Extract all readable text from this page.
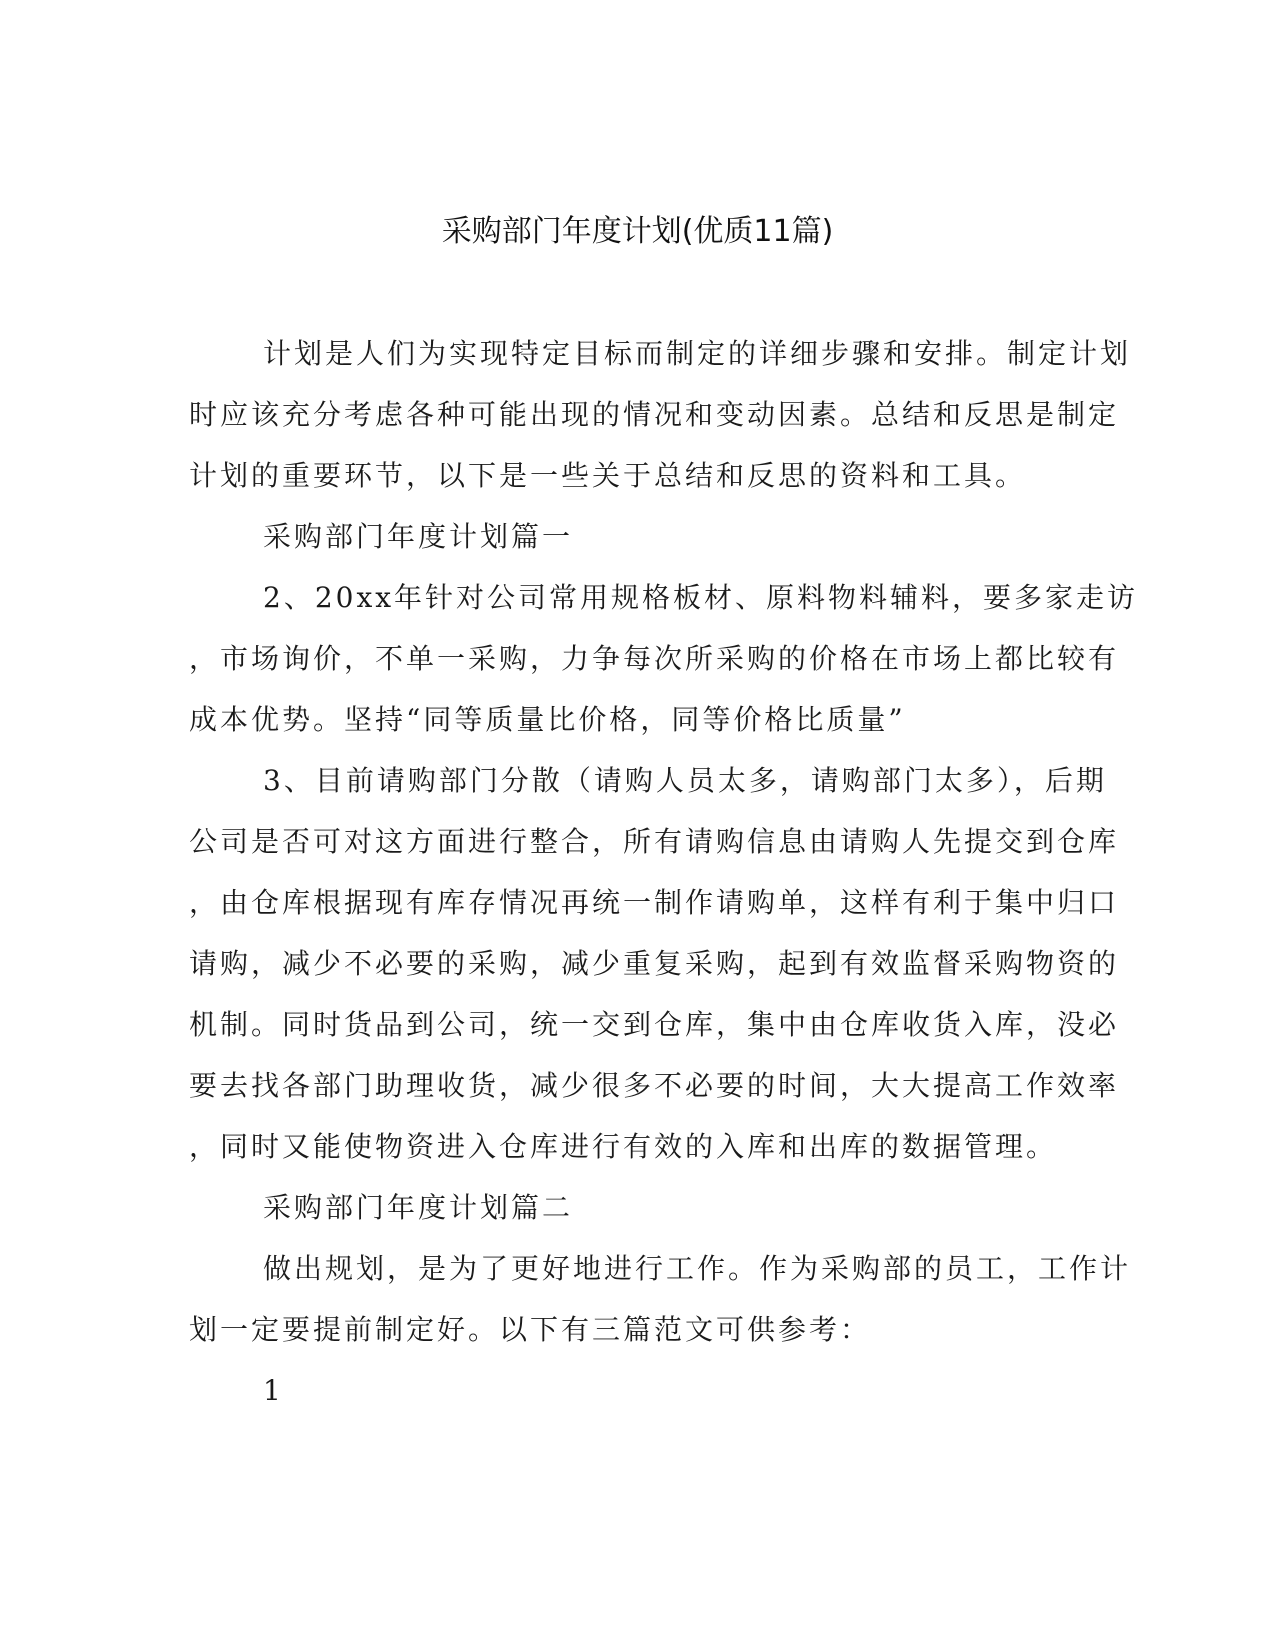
采购部门年度计划(优质11篇)
计划是人们为实现特定目标而制定的详细步骤和安排。制定计划
时应该充分考虑各种可能出现的情况和变动因素。总结和反思是制定
计划的重要环节，以下是一些关于总结和反思的资料和工具。
采购部门年度计划篇一
2、20xx年针对公司常用规格板材、原料物料辅料，要多家走访
，市场询价，不单一采购，力争每次所采购的价格在市场上都比较有
成本优势。坚持“同等质量比价格，同等价格比质量”
3、目前请购部门分散（请购人员太多，请购部门太多），后期
公司是否可对这方面进行整合，所有请购信息由请购人先提交到仓库
，由仓库根据现有库存情况再统一制作请购单，这样有利于集中归口
请购，减少不必要的采购，减少重复采购，起到有效监督采购物资的
机制。同时货品到公司，统一交到仓库，集中由仓库收货入库，没必
要去找各部门助理收货，减少很多不必要的时间，大大提高工作效率
，同时又能使物资进入仓库进行有效的入库和出库的数据管理。
采购部门年度计划篇二
做出规划，是为了更好地进行工作。作为采购部的员工，工作计
划一定要提前制定好。以下有三篇范文可供参考：
1
